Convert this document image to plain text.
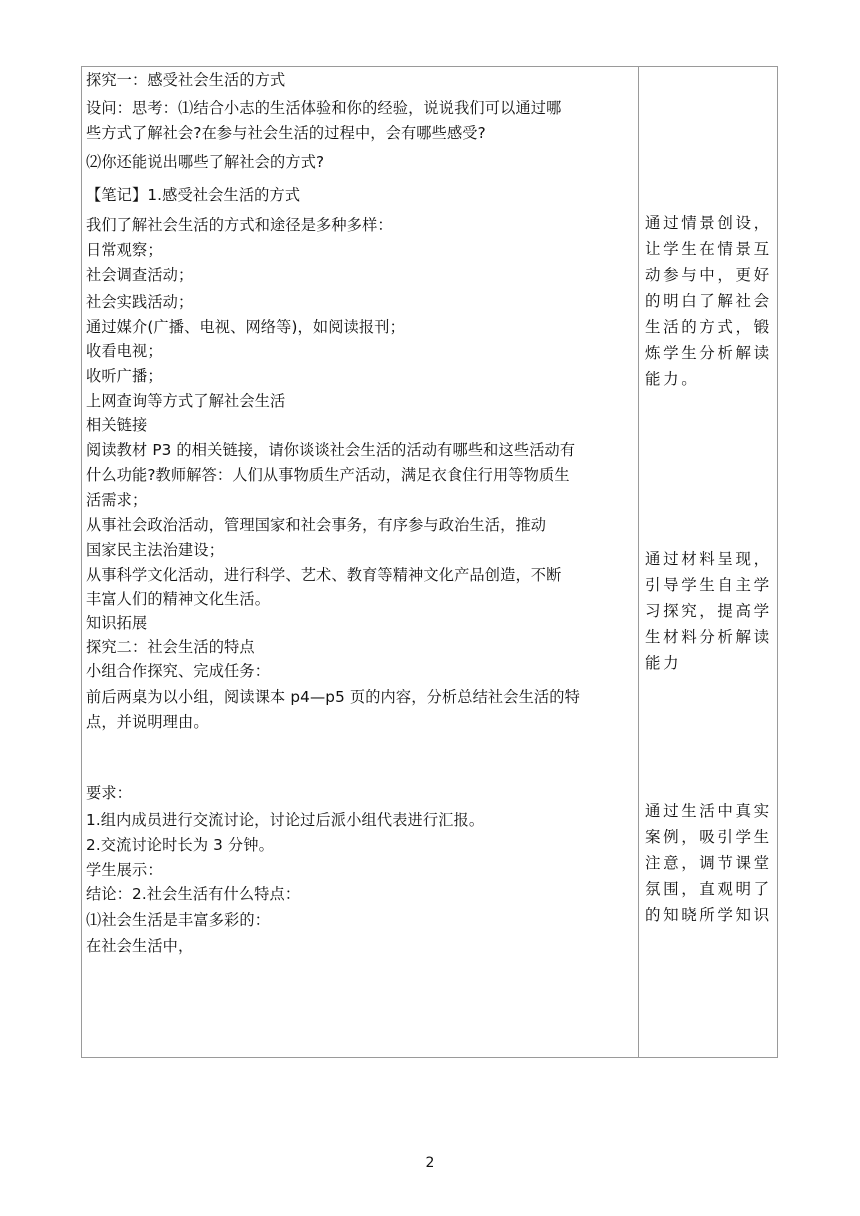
探究一：感受社会生活的方式
设问：思考：⑴结合小志的生活体验和你的经验，说说我们可以通过哪
些方式了解社会?在参与社会生活的过程中，会有哪些感受?
⑵你还能说出哪些了解社会的方式?
【笔记】1.感受社会生活的方式
我们了解社会生活的方式和途径是多种多样：
日常观察；
社会调查活动；
社会实践活动；
通过媒介(广播、电视、网络等)，如阅读报刊；
收看电视；
收听广播；
上网查询等方式了解社会生活
相关链接
阅读教材 P3 的相关链接，请你谈谈社会生活的活动有哪些和这些活动有
什么功能?教师解答：人们从事物质生产活动，满足衣食住行用等物质生
活需求；
从事社会政治活动，管理国家和社会事务，有序参与政治生活，推动
国家民主法治建设；
从事科学文化活动，进行科学、艺术、教育等精神文化产品创造，不断
丰富人们的精神文化生活。
知识拓展
探究二：社会生活的特点
小组合作探究、完成任务：
前后两桌为以小组，阅读课本 p4—p5 页的内容，分析总结社会生活的特
点，并说明理由。
要求：
1.组内成员进行交流讨论，讨论过后派小组代表进行汇报。
2.交流讨论时长为 3 分钟。
学生展示：
结论：2.社会生活有什么特点：
⑴社会生活是丰富多彩的：
在社会生活中，
通过情景创设，
让学生在情景互
动参与中，更好
的明白了解社会
生活的方式，锻
炼学生分析解读
能力。
通过材料呈现，
引导学生自主学
习探究，提高学
生材料分析解读
能力
通过生活中真实
案例，吸引学生
注意，调节课堂
氛围，直观明了
的知晓所学知识
2
